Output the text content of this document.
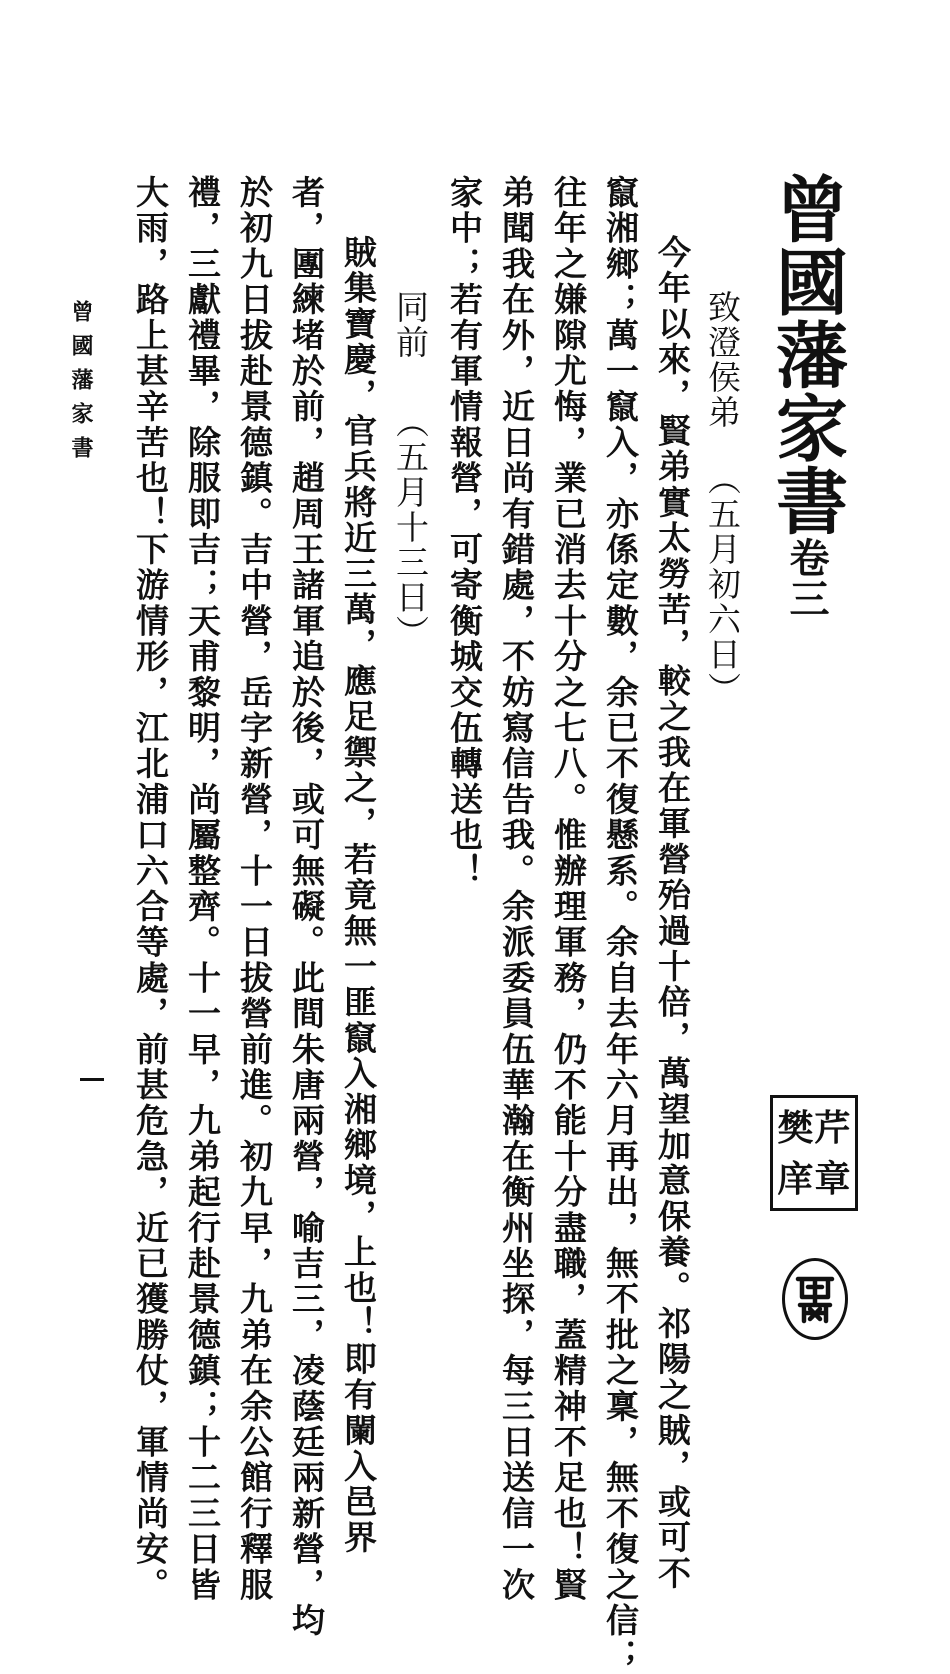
曾國藩家書卷三
致澄侯弟
（五月初六日）
今年以來，賢弟實太勞苦，較之我在軍營殆過十倍，萬望加意保養。祁陽之賊，或可不
竄湘鄉；萬一竄入，亦係定數，余已不復懸系。余自去年六月再出，無不批之稟，無不復之信；
往年之嫌隙尤悔，業已消去十分之七八。惟辦理軍務，仍不能十分盡職，蓋精神不足也！賢
弟聞我在外，近日尚有錯處，不妨寫信告我。余派委員伍華瀚在衡州坐探，每三日送信一次
家中；若有軍情報營，可寄衡城交伍轉送也！
同前
（五月十三日）
賊集寶慶，官兵將近三萬，應足禦之，若竟無一匪竄入湘鄉境，上也！即有闌入邑界
者，團練堵於前，趙周王諸軍追於後，或可無礙。此間朱唐兩營，喻吉三，凌蔭廷兩新營，均
於初九日拔赴景德鎮。吉中營，岳字新營，十一日拔營前進。初九早，九弟在余公館行釋服
禮，三獻禮畢，除服即吉；天甫黎明，尚屬整齊。十一早，九弟起行赴景德鎮；十二三日皆
大雨，路上甚辛苦也！下游情形，江北浦口六合等處，前甚危急，近已獲勝仗，軍情尚安。
曾國藩家書
樊 芹
庠 章
